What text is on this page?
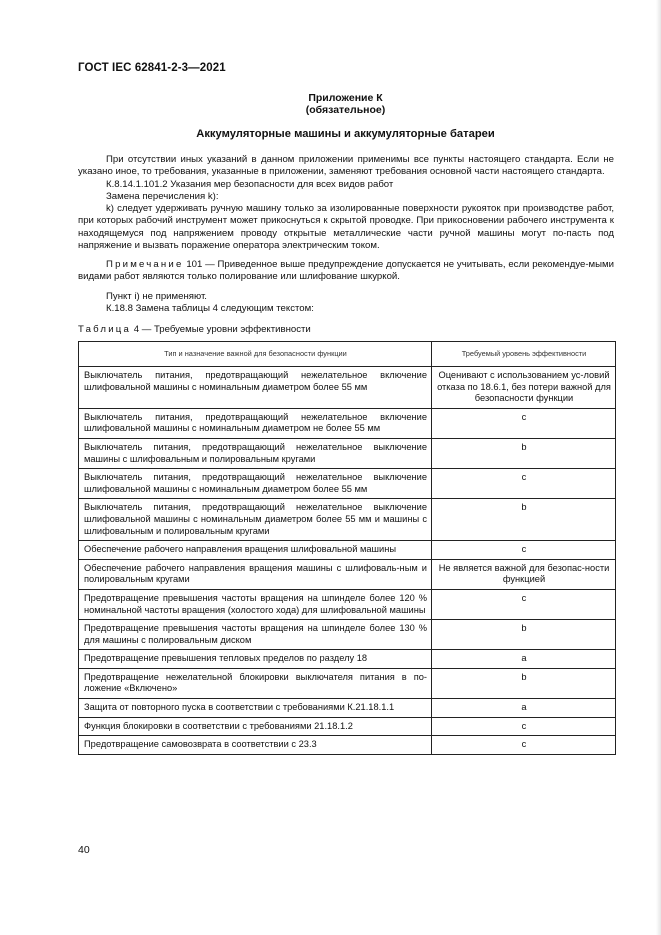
ГОСТ IEC 62841-2-3—2021
Приложение К
(обязательное)
Аккумуляторные машины и аккумуляторные батареи

При отсутствии иных указаний в данном приложении применимы все пункты настоящего стандарта. Если не указано иное, то требования, указанные в приложении, заменяют требования основной части настоящего стандарта.

К.8.14.1.101.2 Указания мер безопасности для всех видов работ

Замена перечисления k):

k) следует удерживать ручную машину только за изолированные поверхности рукояток при производстве работ, при которых рабочий инструмент может прикоснуться к скрытой проводке. При прикосновении рабочего инструмента к находящемуся под напряжением проводу открытые металлические части ручной машины могут по-пасть под напряжение и вызвать поражение оператора электрическим током.

Примечание 101 — Приведенное выше предупреждение допускается не учитывать, если рекомендуе-мыми видами работ являются только полирование или шлифование шкуркой.

Пункт i) не применяют.

К.18.8 Замена таблицы 4 следующим текстом:

Таблица 4 — Требуемые уровни эффективности
Тип и назначение важной для безопасности функции	Требуемый уровень эффективности
Выключатель питания, предотвращающий нежелательное включение шлифовальной машины с номинальным диаметром более 55 мм	Оценивают с использованием ус-ловий отказа по 18.6.1, без потери важной для безопасности функции
Выключатель питания, предотвращающий нежелательное включение шлифовальной машины с номинальным диаметром не более 55 мм	c
Выключатель питания, предотвращающий нежелательное выключение машины с шлифовальным и полировальным кругами	b
Выключатель питания, предотвращающий нежелательное выключение шлифовальной машины с номинальным диаметром более 55 мм	c
Выключатель питания, предотвращающий нежелательное выключение шлифовальной машины с номинальным диаметром более 55 мм и машины с шлифовальным и полировальным кругами	b
Обеспечение рабочего направления вращения шлифовальной машины	c
Обеспечение рабочего направления вращения машины с шлифоваль-ным и полировальным кругами	Не является важной для безопас-ности функцией
Предотвращение превышения частоты вращения на шпинделе более 120 % номинальной частоты вращения (холостого хода) для шлифовальной машины	c
Предотвращение превышения частоты вращения на шпинделе более 130 % для машины с полировальным диском	b
Предотвращение превышения тепловых пределов по разделу 18	a
Предотвращение нежелательной блокировки выключателя питания в по-ложение «Включено»	b
Защита от повторного пуска в соответствии с требованиями К.21.18.1.1	a
Функция блокировки в соответствии с требованиями 21.18.1.2	c
Предотвращение самовозврата в соответствии с 23.3	c
40
